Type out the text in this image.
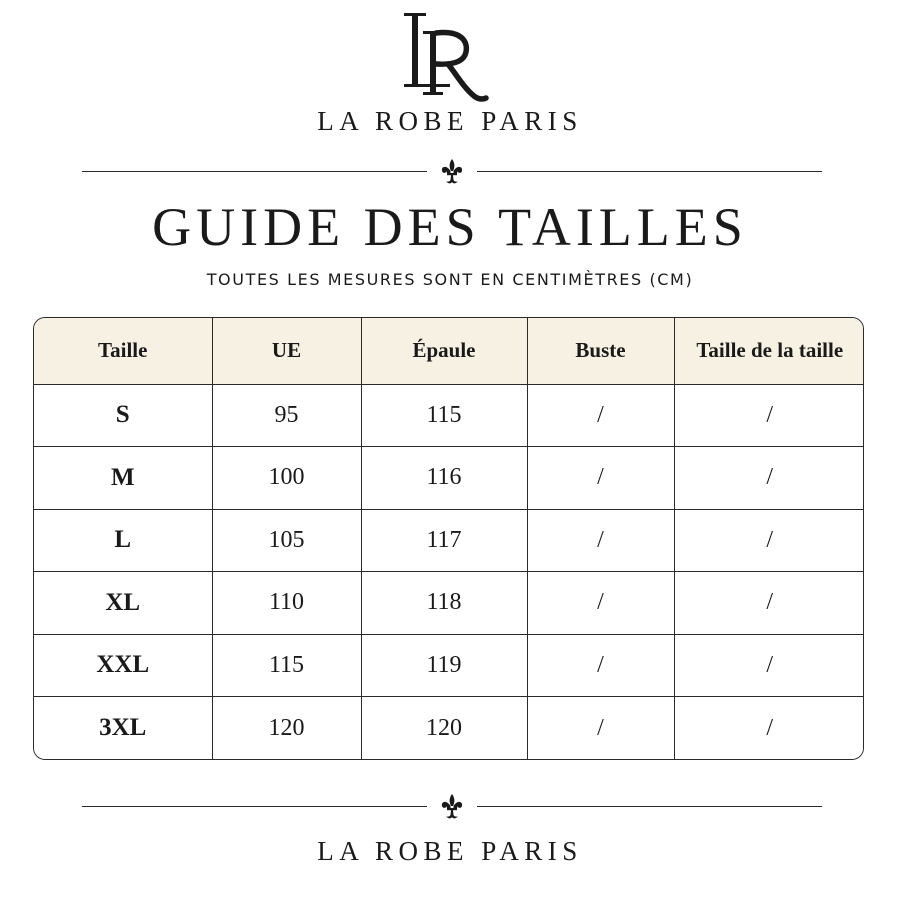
LA ROBE PARIS
GUIDE DES TAILLES
TOUTES LES MESURES SONT EN CENTIMÈTRES (CM)
Taille	UE	Épaule	Buste	Taille de la taille
S	95	115	/	/
M	100	116	/	/
L	105	117	/	/
XL	110	118	/	/
XXL	115	119	/	/
3XL	120	120	/	/
LA ROBE PARIS
